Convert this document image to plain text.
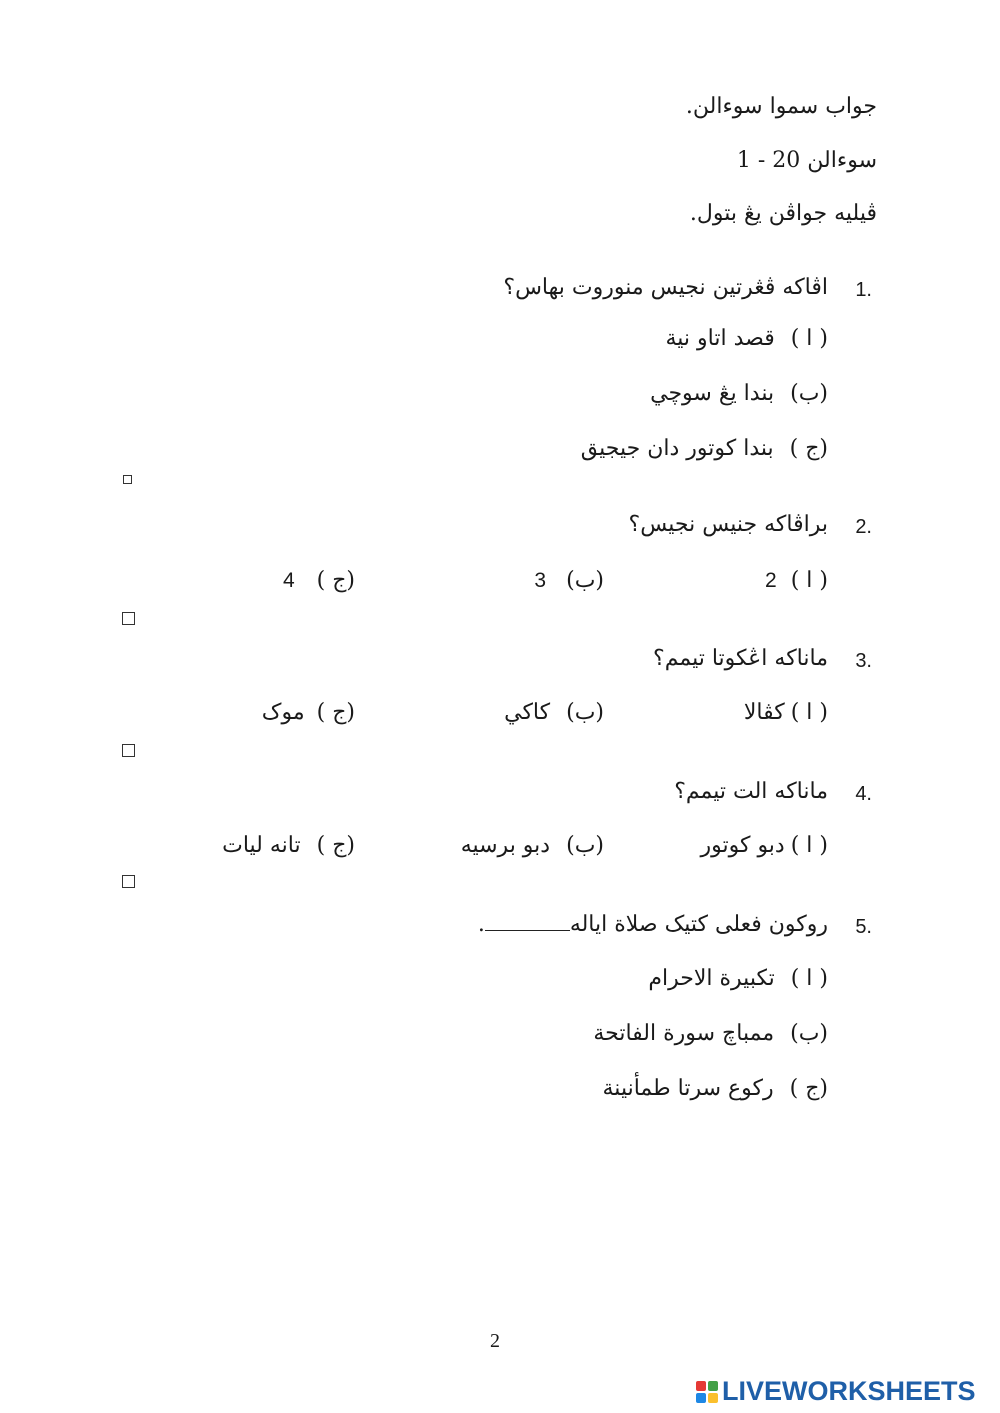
جواب سموا سوءالن.
سوءالن 20 - 1
ڤيليه جواڤن يڠ بتول.
1.
اڤاکه ڤڠرتين نجيس منوروت بهاس؟
( ا )قصد اتاو نية
(ب)بندا يڠ سوچي
(ج )بندا کوتور دان جيجيق
2.
براڤاکه جنيس نجيس؟
( ا )2
(ب)3
(ج )4
3.
ماناکه اڠکوتا تيمم؟
( ا )کڤالا
(ب)کاکي
(ج )موک
4.
ماناکه الت تيمم؟
( ا )دبو کوتور
(ب)دبو برسيه
(ج )تانه ليات
5.
روکون فعلى کتيک صلاة اياله.
( ا )تکبيرة الاحرام
(ب)ممباچ سورة الفاتحة
(ج )رکوع سرتا طمأنينة
2
LIVEWORKSHEETS
